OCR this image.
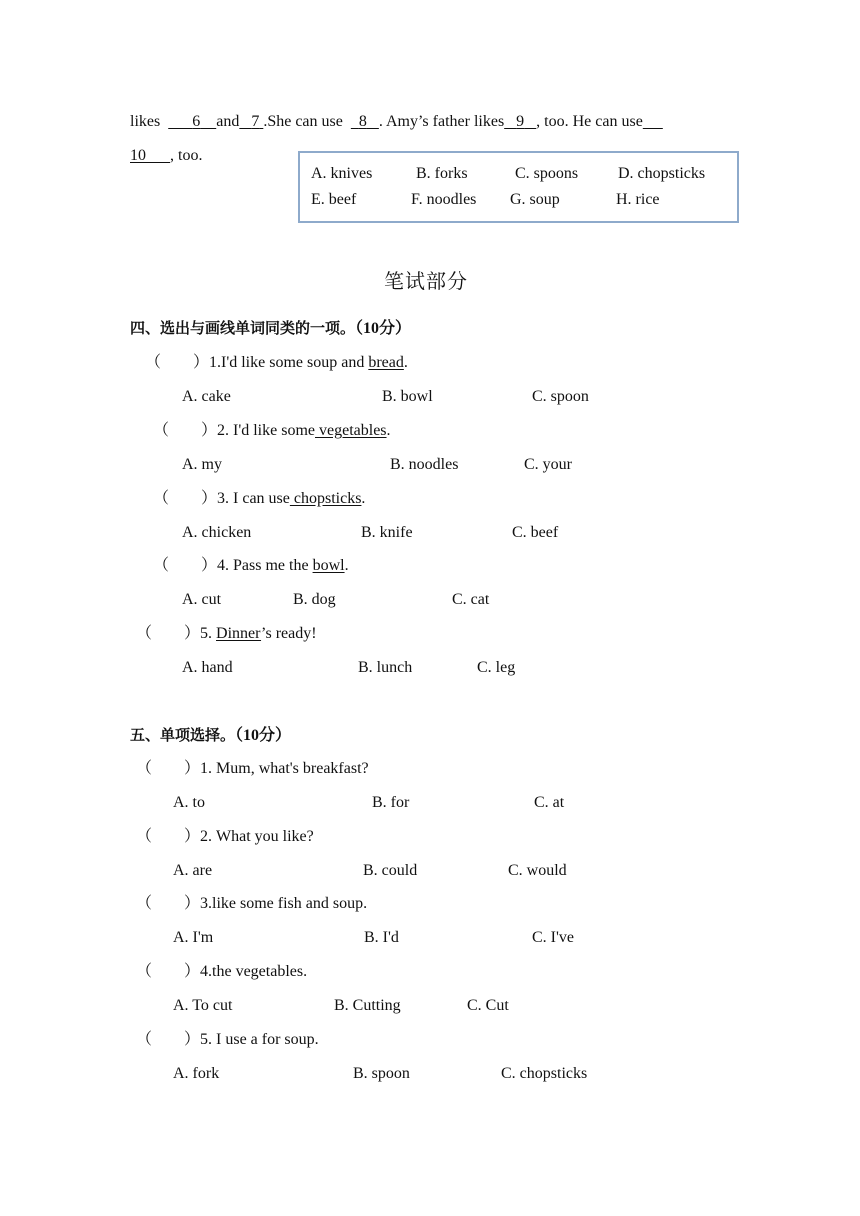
likes 6 and 7 .She can use 8 . Amy’s father likes 9 , too. He can use
10 , too.
A. knives	B. forks	C. spoons D. chopsticks
E. beef	F. noodles G. soup	H. rice
笔试部分
四、选出与画线单词同类的一项。（10分）
（　　）1.I'd like some soup and bread.
A. cake	B. bowl	C. spoon
（　　）2. I'd like some vegetables.
A. my	B. noodles	C. your
（　　）3. I can use chopsticks.
A. chicken	B. knife	C. beef
（　　）4. Pass me the bowl.
A. cut	B. dog	C. cat
（　　）5. Dinner’s ready!
A. hand	B. lunch	C. leg
五、单项选择。（10分）
（　　）1. Mum, what's breakfast?
A. to	B. for	C. at
（　　）2. What you like?
A. are	B. could	C. would
（　　）3.like some fish and soup.
A. I'm	B. I'd	C. I've
（　　）4.the vegetables.
A. To cut	B. Cutting	C. Cut
（　　）5. I use a for soup.
A. fork	B. spoon	C. chopsticks
